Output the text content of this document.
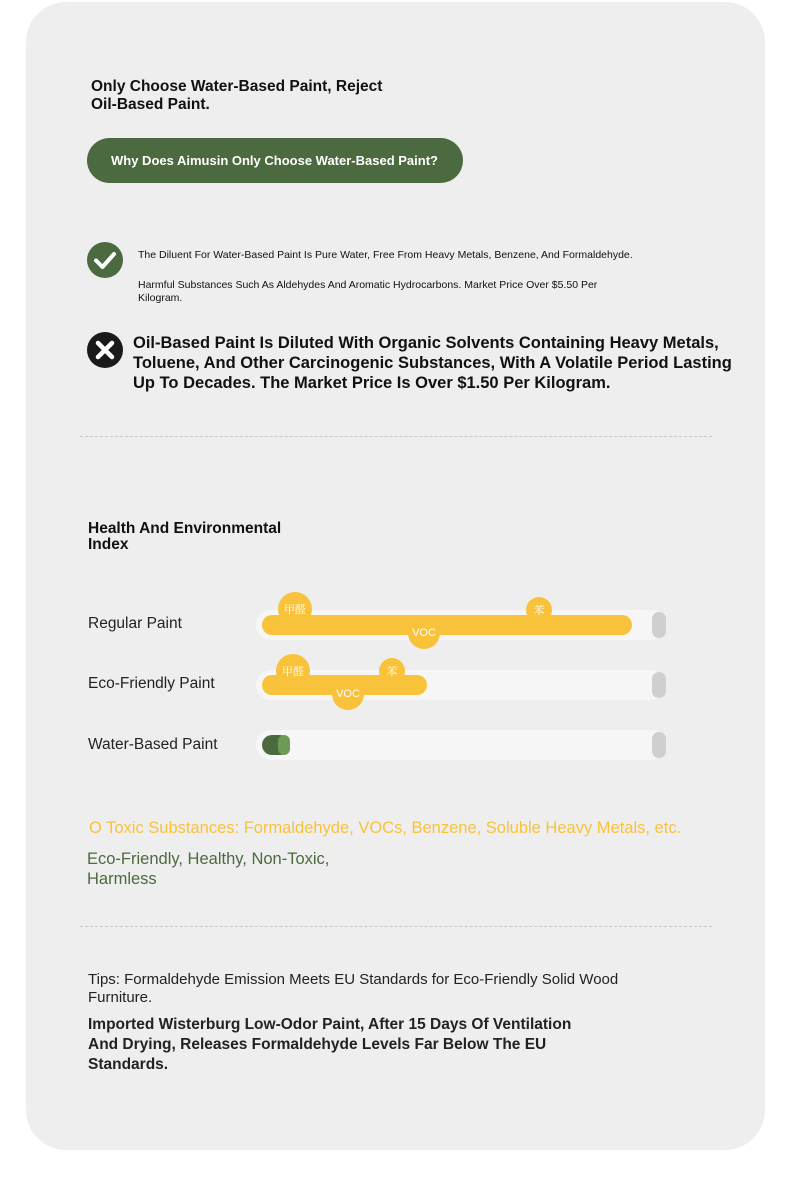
Only Choose Water-Based Paint, Reject Oil-Based Paint.
Why Does Aimusin Only Choose Water-Based Paint?
The Diluent For Water-Based Paint Is Pure Water, Free From Heavy Metals, Benzene, And Formaldehyde.
Harmful Substances Such As Aldehydes And Aromatic Hydrocarbons. Market Price Over $5.50 Per Kilogram.
Oil-Based Paint Is Diluted With Organic Solvents Containing Heavy Metals, Toluene, And Other Carcinogenic Substances, With A Volatile Period Lasting Up To Decades. The Market Price Is Over $1.50 Per Kilogram.
Health And Environmental Index
Regular Paint
甲醛	苯
VOC
Eco-Friendly Paint
甲醛	苯
VOC
Water-Based Paint
O Toxic Substances: Formaldehyde, VOCs, Benzene, Soluble Heavy Metals, etc.
Eco-Friendly, Healthy, Non-Toxic, Harmless
Tips: Formaldehyde Emission Meets EU Standards for Eco-Friendly Solid Wood Furniture.
Imported Wisterburg Low-Odor Paint, After 15 Days Of Ventilation And Drying, Releases Formaldehyde Levels Far Below The EU Standards.
